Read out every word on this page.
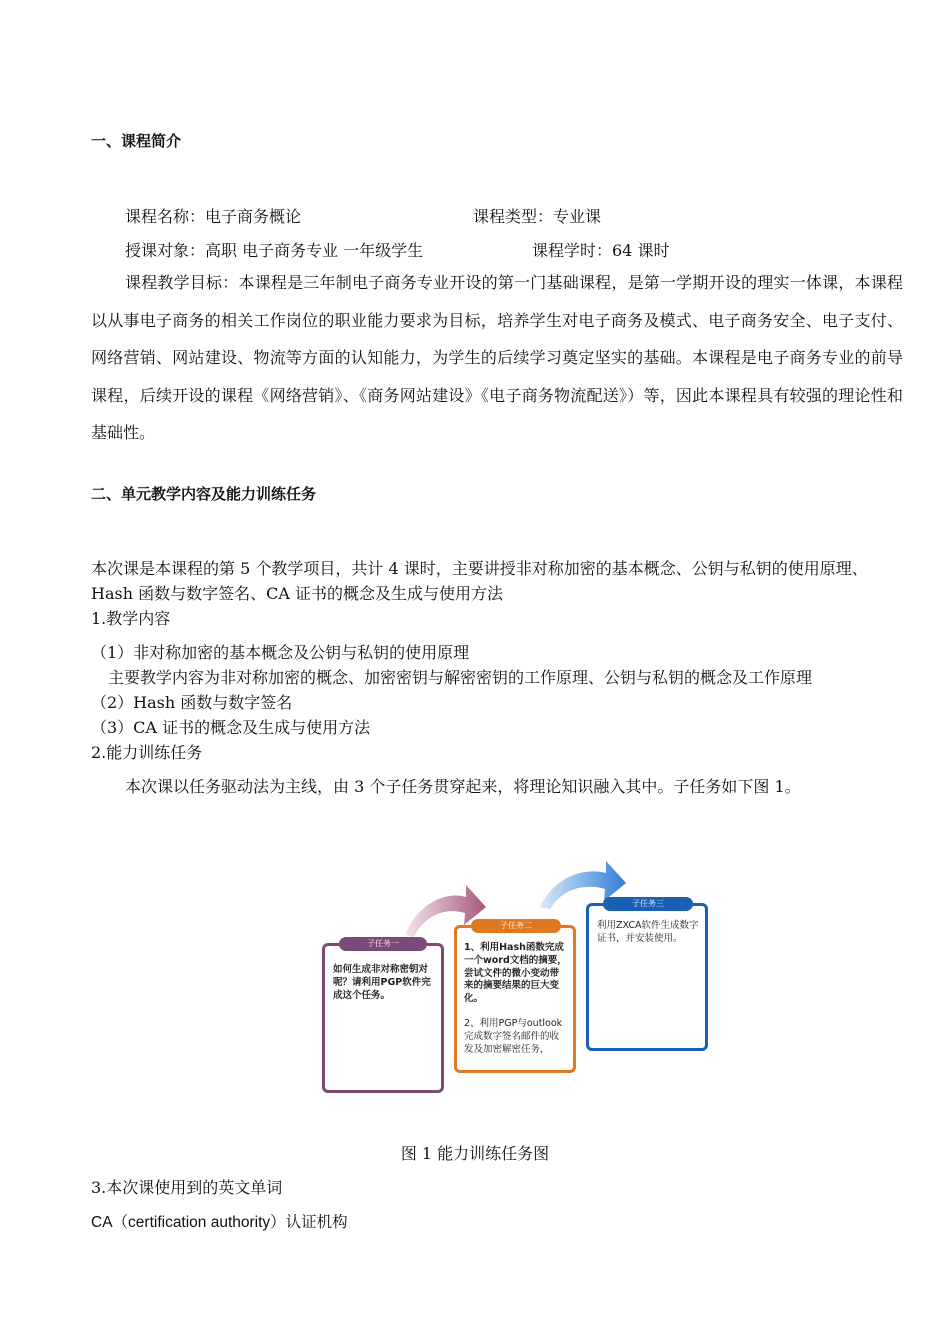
一、课程简介
课程名称：电子商务概论	课程类型：专业课
授课对象：高职 电子商务专业 一年级学生	课程学时：64 课时
课程教学目标：本课程是三年制电子商务专业开设的第一门基础课程，是第一学期开设的理实一体课，本课程以从事电子商务的相关工作岗位的职业能力要求为目标，培养学生对电子商务及模式、电子商务安全、电子支付、网络营销、网站建设、物流等方面的认知能力，为学生的后续学习奠定坚实的基础。本课程是电子商务专业的前导课程，后续开设的课程《网络营销》、《商务网站建设》《电子商务物流配送》）等，因此本课程具有较强的理论性和基础性。
二、单元教学内容及能力训练任务
本次课是本课程的第 5 个教学项目，共计 4 课时，主要讲授非对称加密的基本概念、公钥与私钥的使用原理、
Hash 函数与数字签名、CA 证书的概念及生成与使用方法
1.教学内容
（1）非对称加密的基本概念及公钥与私钥的使用原理
主要教学内容为非对称加密的概念、加密密钥与解密密钥的工作原理、公钥与私钥的概念及工作原理
（2）Hash 函数与数字签名
（3）CA 证书的概念及生成与使用方法
2.能力训练任务
本次课以任务驱动法为主线，由 3 个子任务贯穿起来，将理论知识融入其中。子任务如下图 1。
子任务一
如何生成非对称密钥对呢？请利用PGP软件完成这个任务。
子任务二
1、利用Hash函数完成一个word文档的摘要，尝试文件的微小变动带来的摘要结果的巨大变化。
2、利用PGP与outlook 完成数字签名邮件的收发及加密解密任务，
子任务三
利用ZXCA软件生成数字证书，并安装使用。
图 1 能力训练任务图
3.本次课使用到的英文单词
CA（certification authority）认证机构
